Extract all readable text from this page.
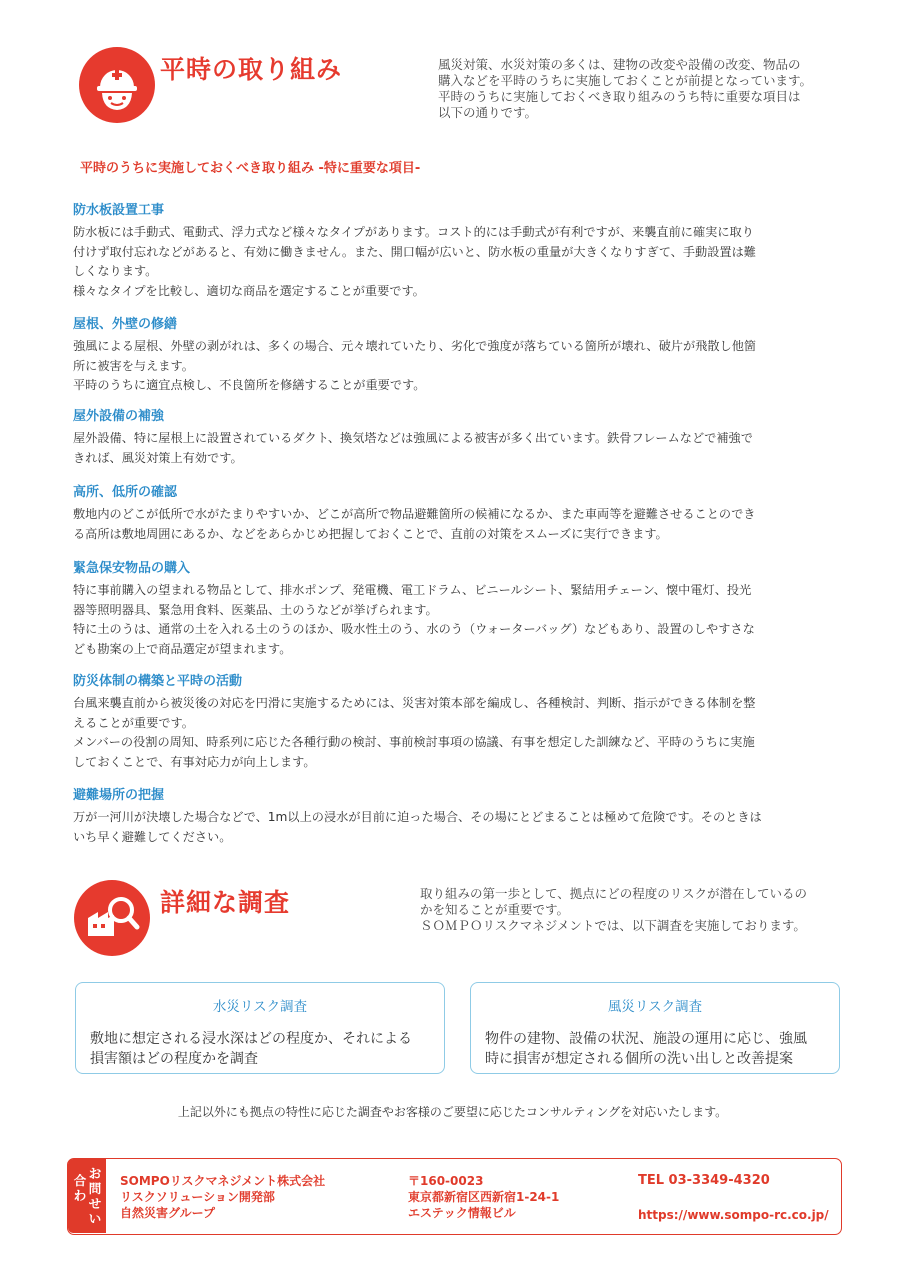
平時の取り組み	風災対策、水災対策の多くは、建物の改変や設備の改変、物品の
購入などを平時のうちに実施しておくことが前提となっています。
平時のうちに実施しておくべき取り組みのうち特に重要な項目は
以下の通りです。
平時のうちに実施しておくべき取り組み -特に重要な項目-
防水板設置工事

防水板には手動式、電動式、浮力式など様々なタイプがあります。コスト的には手動式が有利ですが、来襲直前に確実に取り
付けず取付忘れなどがあると、有効に働きません。また、開口幅が広いと、防水板の重量が大きくなりすぎて、手動設置は難
しくなります。
様々なタイプを比較し、適切な商品を選定することが重要です。

屋根、外壁の修繕

強風による屋根、外壁の剥がれは、多くの場合、元々壊れていたり、劣化で強度が落ちている箇所が壊れ、破片が飛散し他箇
所に被害を与えます。
平時のうちに適宜点検し、不良箇所を修繕することが重要です。

屋外設備の補強

屋外設備、特に屋根上に設置されているダクト、換気塔などは強風による被害が多く出ています。鉄骨フレームなどで補強で
きれば、風災対策上有効です。

高所、低所の確認

敷地内のどこが低所で水がたまりやすいか、どこが高所で物品避難箇所の候補になるか、また車両等を避難させることのでき
る高所は敷地周囲にあるか、などをあらかじめ把握しておくことで、直前の対策をスムーズに実行できます。

緊急保安物品の購入

特に事前購入の望まれる物品として、排水ポンプ、発電機、電工ドラム、ビニールシート、緊結用チェーン、懐中電灯、投光
器等照明器具、緊急用食料、医薬品、土のうなどが挙げられます。
特に土のうは、通常の土を入れる土のうのほか、吸水性土のう、水のう（ウォーターバッグ）などもあり、設置のしやすさな
ども勘案の上で商品選定が望まれます。

防災体制の構築と平時の活動

台風来襲直前から被災後の対応を円滑に実施するためには、災害対策本部を編成し、各種検討、判断、指示ができる体制を整
えることが重要です。
メンバーの役割の周知、時系列に応じた各種行動の検討、事前検討事項の協議、有事を想定した訓練など、平時のうちに実施
しておくことで、有事対応力が向上します。

避難場所の把握

万が一河川が決壊した場合などで、1m以上の浸水が目前に迫った場合、その場にとどまることは極めて危険です。そのときは
いち早く避難してください。

詳細な調査	取り組みの第一歩として、拠点にどの程度のリスクが潜在しているの
かを知ることが重要です。
ＳＯＭＰＯリスクマネジメントでは、以下調査を実施しております。
水災リスク調査
敷地に想定される浸水深はどの程度か、それによる
損害額はどの程度かを調査
風災リスク調査
物件の建物、設備の状況、施設の運用に応じ、強風
時に損害が想定される個所の洗い出しと改善提案
上記以外にも拠点の特性に応じた調査やお客様のご要望に応じたコンサルティングを対応いたします。
合
わ
お
問
せ
い
SOMPOリスクマネジメント株式会社
リスクソリューション開発部
自然災害グループ
〒160-0023
東京都新宿区西新宿1-24-1
エステック情報ビル
TEL 03-3349-4320
https://www.sompo-rc.co.jp/
